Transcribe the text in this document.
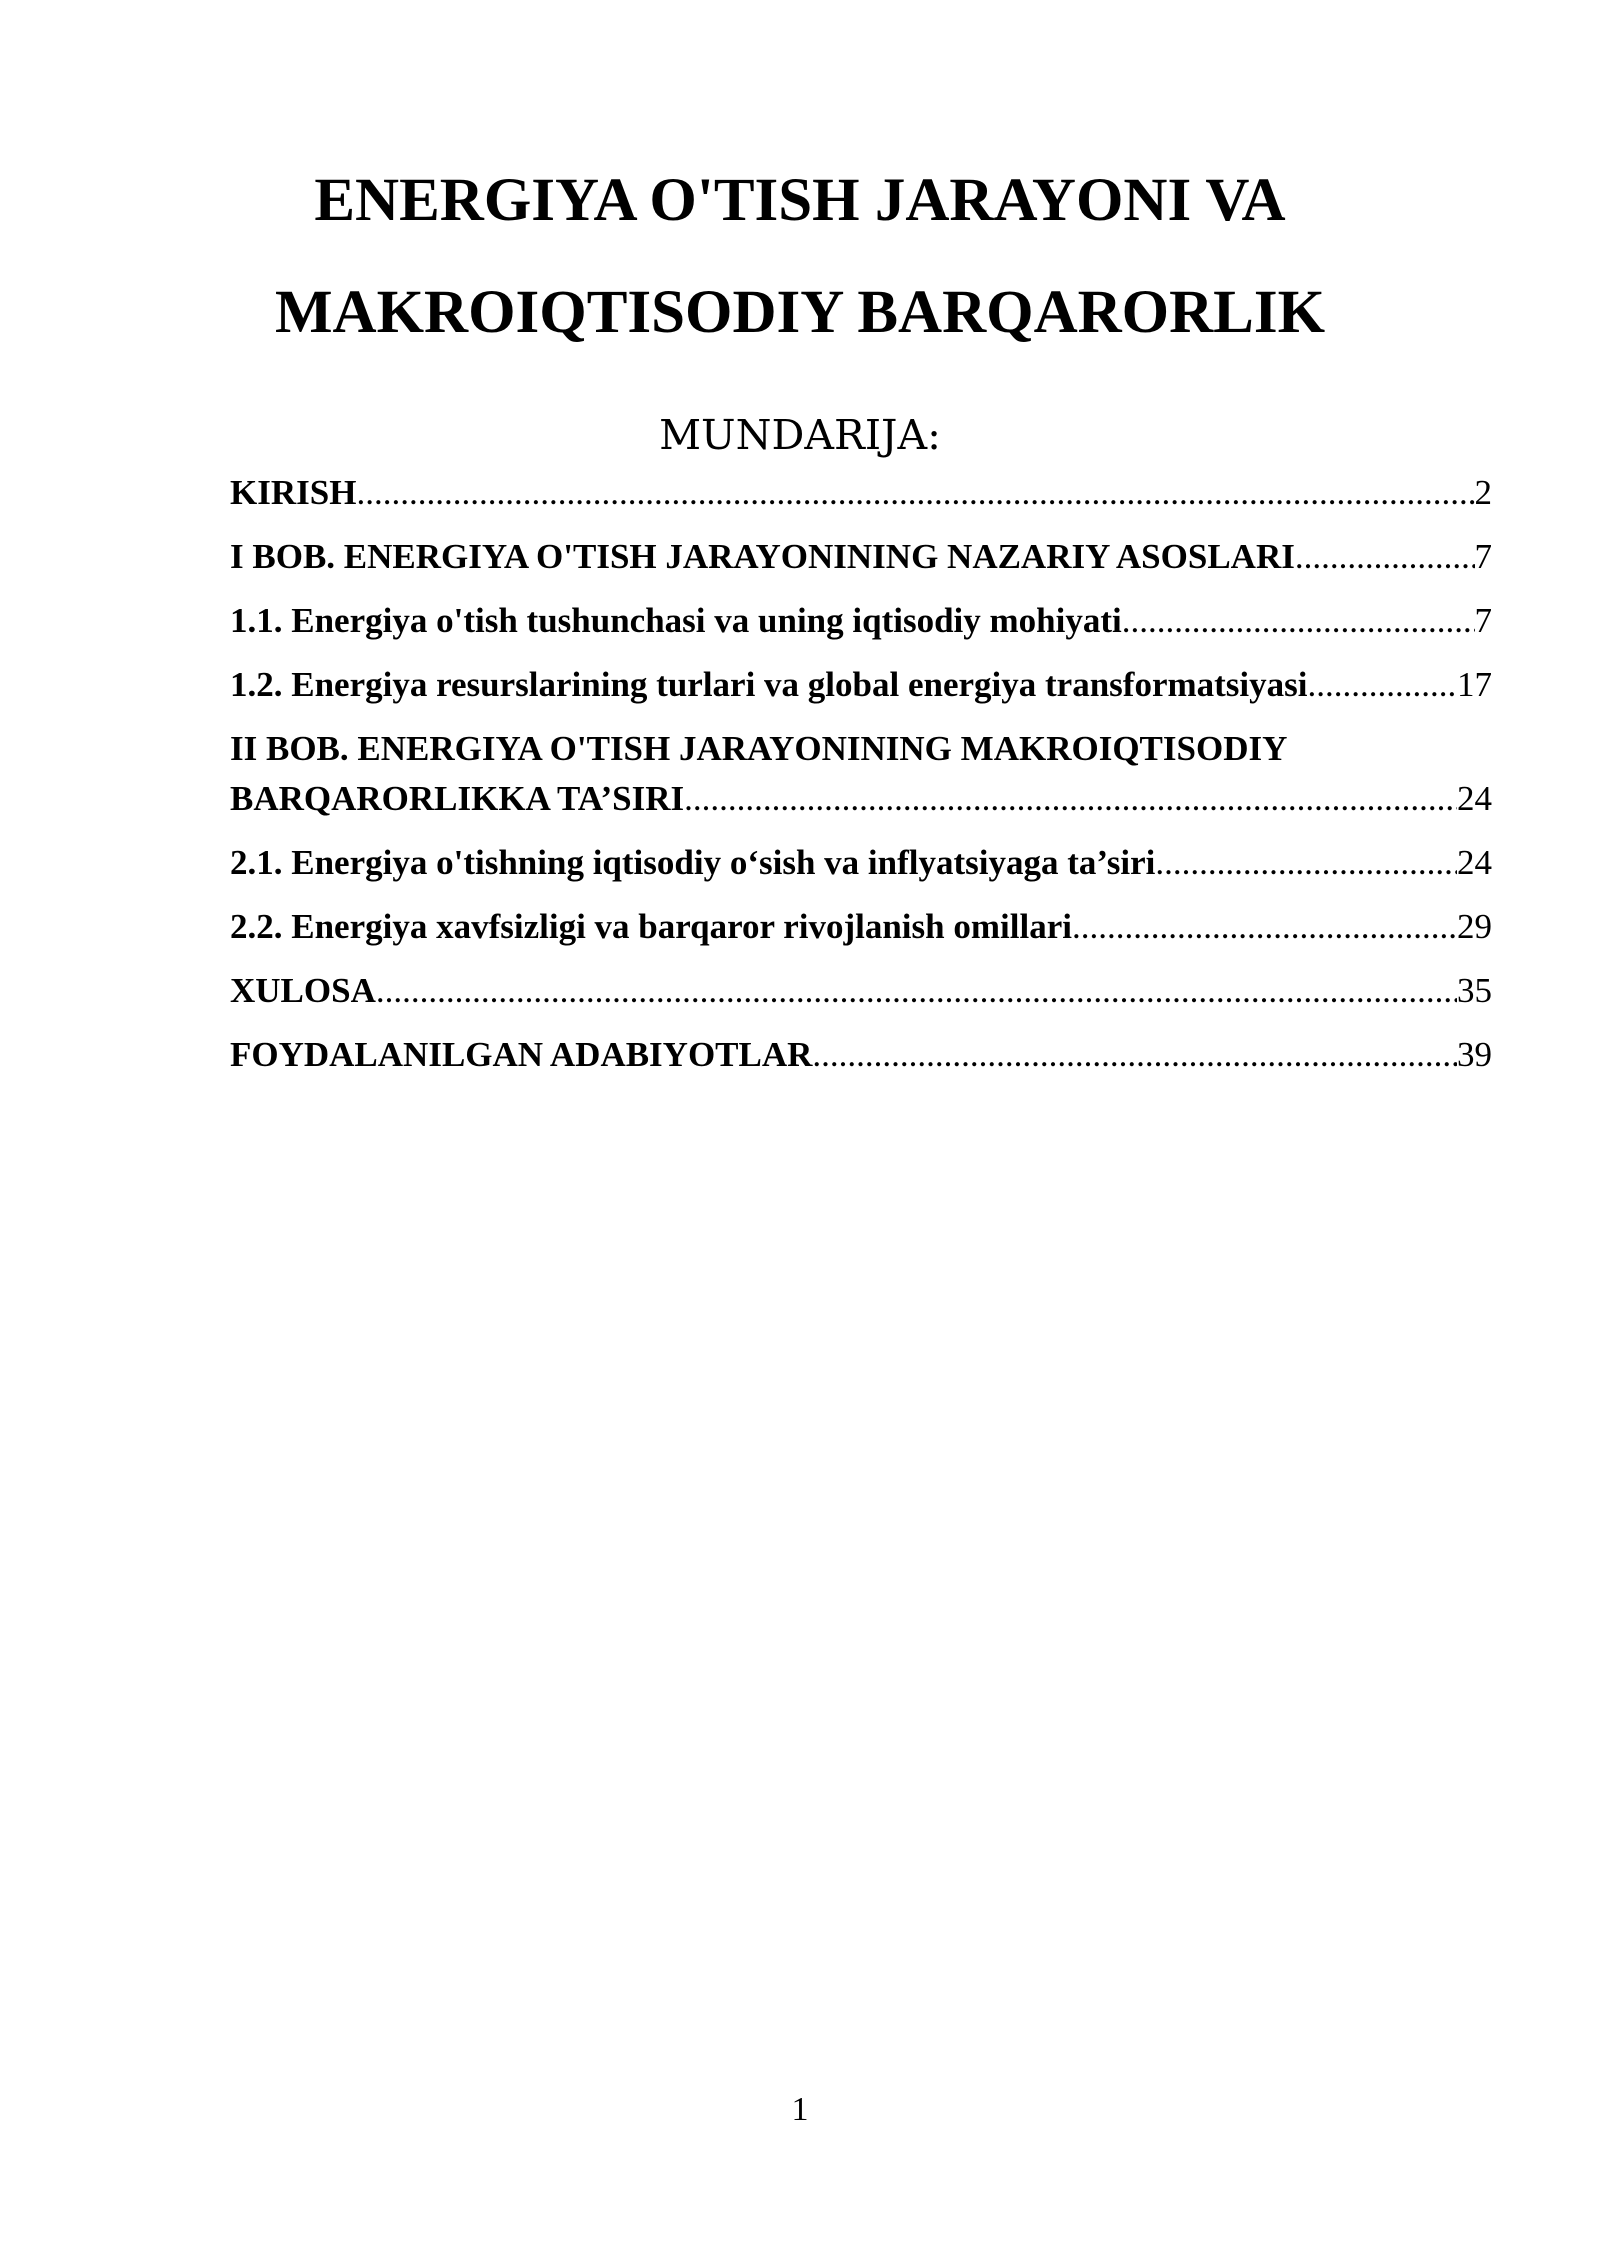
ENERGIYA O'TISH JARAYONI VA
MAKROIQTISODIY BARQARORLIK
MUNDARIJA:
KIRISH .....	2
I BOB. ENERGIYA O'TISH JARAYONINING NAZARIY ASOSLARI .....	7
1.1. Energiya o'tish tushunchasi va uning iqtisodiy mohiyati .....	7
1.2. Energiya resurslarining turlari va global energiya transformatsiyasi .....	17
II BOB. ENERGIYA O'TISH JARAYONINING MAKROIQTISODIY
BARQARORLIKKA TA’SIRI .....	24
2.1. Energiya o'tishning iqtisodiy o‘sish va inflyatsiyaga ta’siri .....	24
2.2. Energiya xavfsizligi va barqaror rivojlanish omillari .....	29
XULOSA .....	35
FOYDALANILGAN ADABIYOTLAR .....	39
1
